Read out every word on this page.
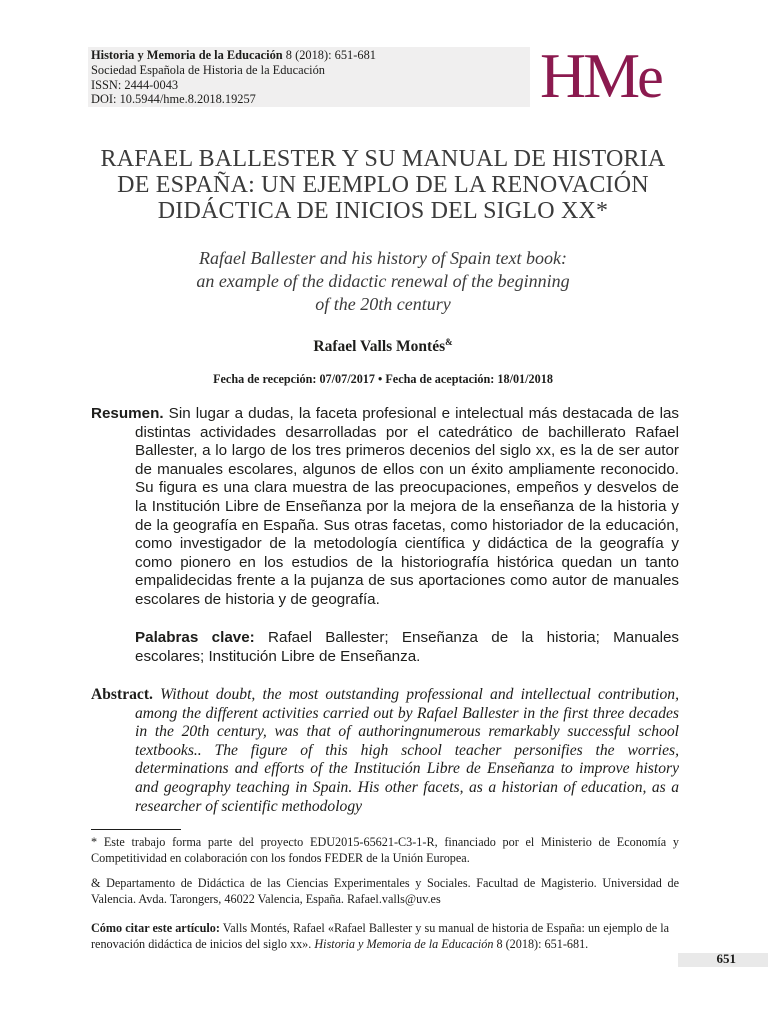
Historia y Memoria de la Educación 8 (2018): 651-681
Sociedad Española de Historia de la Educación
ISSN: 2444-0043
DOI: 10.5944/hme.8.2018.19257	HMe
RAFAEL BALLESTER Y SU MANUAL DE HISTORIA
DE ESPAÑA: UN EJEMPLO DE LA RENOVACIÓN
DIDÁCTICA DE INICIOS DEL SIGLO XX*
Rafael Ballester and his history of Spain text book:
an example of the didactic renewal of the beginning
of the 20th century
Rafael Valls Montés&
Fecha de recepción: 07/07/2017 • Fecha de aceptación: 18/01/2018
Resumen. Sin lugar a dudas, la faceta profesional e intelectual más destacada de las distintas actividades desarrolladas por el catedrático de bachillerato Rafael Ballester, a lo largo de los tres primeros decenios del siglo xx, es la de ser autor de manuales escolares, algunos de ellos con un éxito ampliamente reconocido. Su figura es una clara muestra de las preocupaciones, empeños y desvelos de la Institución Libre de Enseñanza por la mejora de la enseñanza de la historia y de la geografía en España. Sus otras facetas, como historiador de la educación, como investigador de la metodología científica y didáctica de la geografía y como pionero en los estudios de la historiografía histórica quedan un tanto empalidecidas frente a la pujanza de sus aportaciones como autor de manuales escolares de historia y de geografía.
Palabras clave: Rafael Ballester; Enseñanza de la historia; Manuales escolares; Institución Libre de Enseñanza.
Abstract. Without doubt, the most outstanding professional and intellectual contribution, among the different activities carried out by Rafael Ballester in the first three decades in the 20th century, was that of authoringnumerous remarkably successful school textbooks.. The figure of this high school teacher personifies the worries, determinations and efforts of the Institución Libre de Enseñanza to improve history and geography teaching in Spain. His other facets, as a historian of education, as a researcher of scientific methodology

* Este trabajo forma parte del proyecto EDU2015-65621-C3-1-R, financiado por el Ministerio de Economía y Competitividad en colaboración con los fondos FEDER de la Unión Europea.

& Departamento de Didáctica de las Ciencias Experimentales y Sociales. Facultad de Magisterio. Universidad de Valencia. Avda. Tarongers, 46022 Valencia, España. Rafael.valls@uv.es

Cómo citar este artículo: Valls Montés, Rafael «Rafael Ballester y su manual de historia de España: un ejemplo de la renovación didáctica de inicios del siglo xx». Historia y Memoria de la Educación 8 (2018): 651-681.
651
